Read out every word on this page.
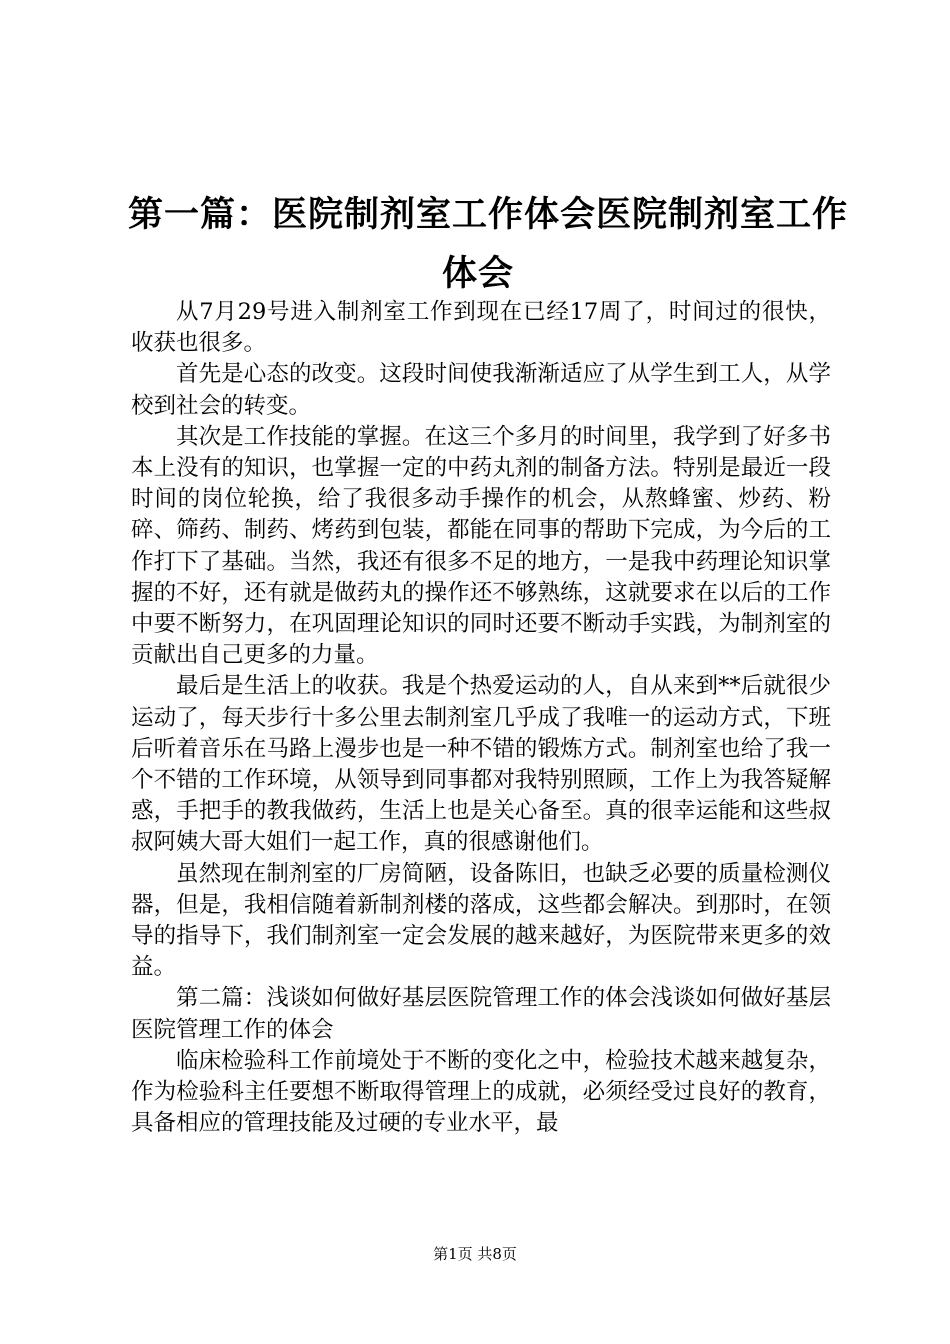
第一篇：医院制剂室工作体会医院制剂室工作
体会

从7月29号进入制剂室工作到现在已经17周了，时间过的很快，收获也很多。

首先是心态的改变。这段时间使我渐渐适应了从学生到工人，从学校到社会的转变。

其次是工作技能的掌握。在这三个多月的时间里，我学到了好多书本上没有的知识，也掌握一定的中药丸剂的制备方法。特别是最近一段时间的岗位轮换，给了我很多动手操作的机会，从熬蜂蜜、炒药、粉碎、筛药、制药、烤药到包装，都能在同事的帮助下完成，为今后的工作打下了基础。当然，我还有很多不足的地方，一是我中药理论知识掌握的不好，还有就是做药丸的操作还不够熟练，这就要求在以后的工作中要不断努力，在巩固理论知识的同时还要不断动手实践，为制剂室的贡献出自己更多的力量。

最后是生活上的收获。我是个热爱运动的人，自从来到**后就很少运动了，每天步行十多公里去制剂室几乎成了我唯一的运动方式，下班后听着音乐在马路上漫步也是一种不错的锻炼方式。制剂室也给了我一个不错的工作环境，从领导到同事都对我特别照顾，工作上为我答疑解惑，手把手的教我做药，生活上也是关心备至。真的很幸运能和这些叔叔阿姨大哥大姐们一起工作，真的很感谢他们。

虽然现在制剂室的厂房简陋，设备陈旧，也缺乏必要的质量检测仪器，但是，我相信随着新制剂楼的落成，这些都会解决。到那时，在领导的指导下，我们制剂室一定会发展的越来越好，为医院带来更多的效益。

第二篇：浅谈如何做好基层医院管理工作的体会浅谈如何做好基层医院管理工作的体会

临床检验科工作前境处于不断的变化之中，检验技术越来越复杂，作为检验科主任要想不断取得管理上的成就，必须经受过良好的教育，具备相应的管理技能及过硬的专业水平，最

第1页 共8页
